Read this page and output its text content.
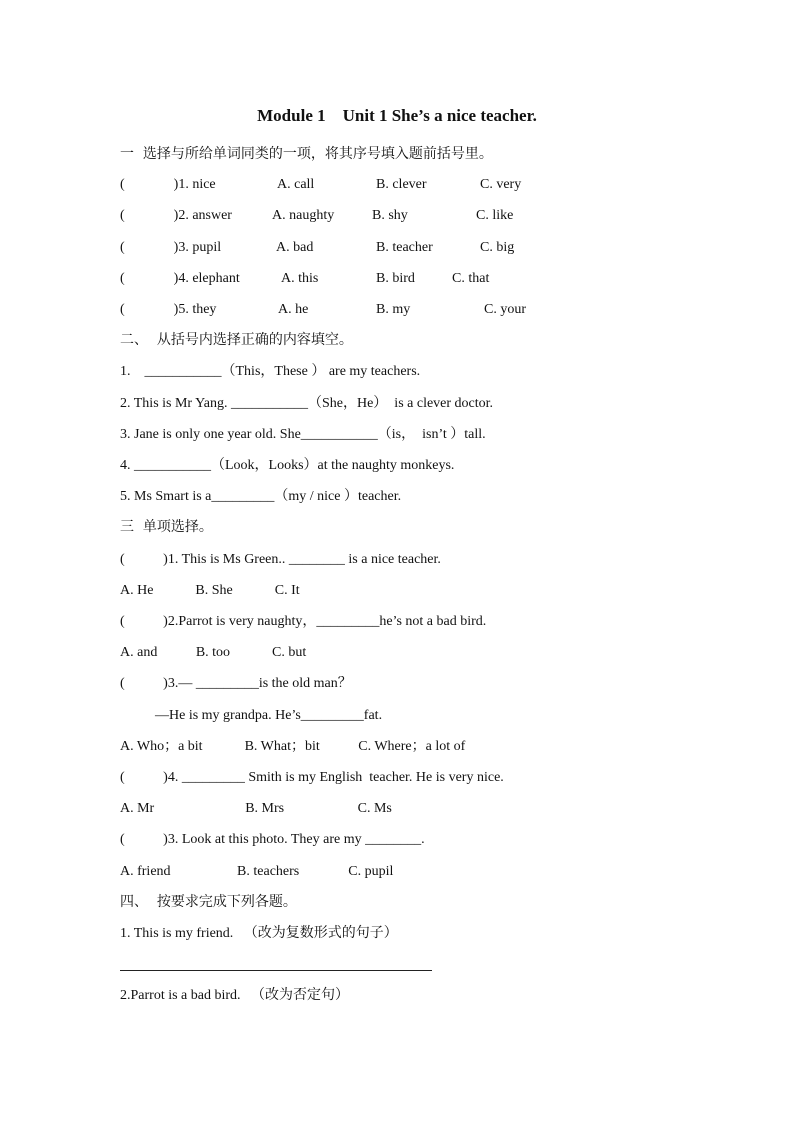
Module 1    Unit 1 She’s a nice teacher.
一  选择与所给单词同类的一项，将其序号填入题前括号里。
(              )1. nice	A. call	B. clever	C. very
(              )2. answer	A. naughty	B. shy	C. like
(              )3. pupil	A. bad	B. teacher	C. big
(              )4. elephant	A. this	B. bird	C. that
(              )5. they	A. he	B. my	C. your
二、  从括号内选择正确的内容填空。
1.    ___________（This，These ） are my teachers.
2. This is Mr Yang. ___________（She，He）  is a clever doctor.
3. Jane is only one year old. She___________（is，  isn’t ）tall.
4. ___________（Look，Looks）at the naughty monkeys.
5. Ms Smart is a_________（my / nice ）teacher.
三  单项选择。
(           )1. This is Ms Green.. ________ is a nice teacher.
A. He            B. She            C. It
(           )2.Parrot is very naughty，_________he’s not a bad bird.
A. and           B. too            C. but
(           )3.— _________is the old man？
—He is my grandpa. He’s_________fat.
A. Who；a bit            B. What；bit           C. Where；a lot of
(           )4. _________ Smith is my English  teacher. He is very nice.
A. Mr                          B. Mrs                     C. Ms
(           )3. Look at this photo. They are my ________.
A. friend                   B. teachers              C. pupil
四、  按要求完成下列各题。
1. This is my friend.   （改为复数形式的句子）
2.Parrot is a bad bird.   （改为否定句）
